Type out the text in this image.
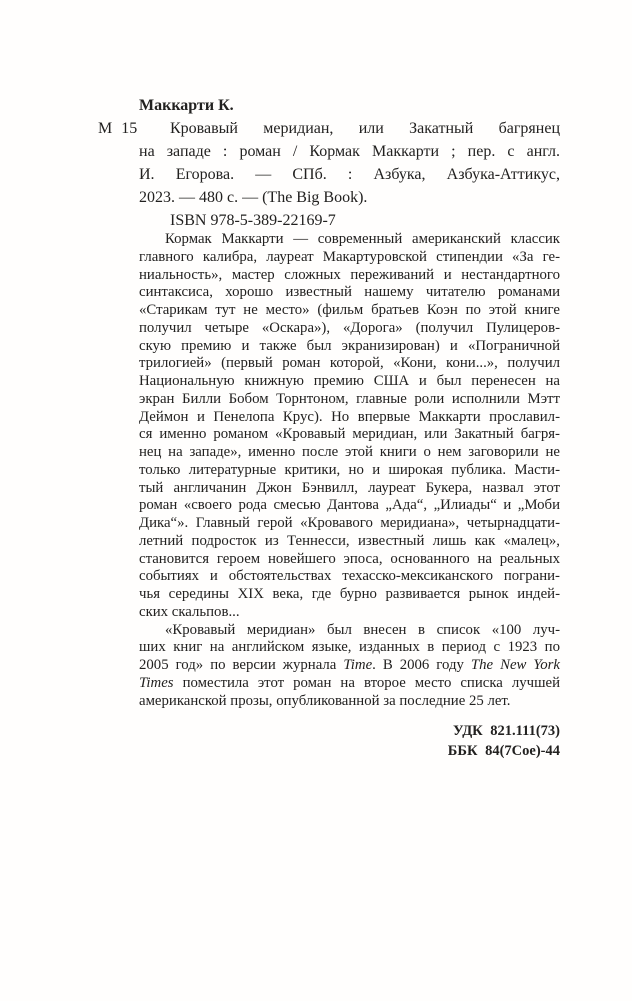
Маккарти К.
М 15	Кровавый меридиан, или Закатный багрянец
на западе : роман / Кормак Маккарти ; пер. с англ.
И. Егорова. — СПб. : Азбука, Азбука-Аттикус,
2023. — 480 с. — (The Big Book).
ISBN 978-5-389-22169-7
Кормак Маккарти — современный американский классик
главного калибра, лауреат Макартуровской стипендии «За ге-
ниальность», мастер сложных переживаний и нестандартного
синтаксиса, хорошо известный нашему читателю романами
«Старикам тут не место» (фильм братьев Коэн по этой книге
получил четыре «Оскара»), «Дорога» (получил Пулицеров-
скую премию и также был экранизирован) и «Пограничной
трилогией» (первый роман которой, «Кони, кони...», получил
Национальную книжную премию США и был перенесен на
экран Билли Бобом Торнтоном, главные роли исполнили Мэтт
Деймон и Пенелопа Крус). Но впервые Маккарти прославил-
ся именно романом «Кровавый меридиан, или Закатный багря-
нец на западе», именно после этой книги о нем заговорили не
только литературные критики, но и широкая публика. Масти-
тый англичанин Джон Бэнвилл, лауреат Букера, назвал этот
роман «своего рода смесью Дантова „Ада“, „Илиады“ и „Моби
Дика“». Главный герой «Кровавого меридиана», четырнадцати-
летний подросток из Теннесси, известный лишь как «малец»,
становится героем новейшего эпоса, основанного на реальных
событиях и обстоятельствах техасско-мексиканского пограни-
чья середины XIX века, где бурно развивается рынок индей-
ских скальпов...
«Кровавый меридиан» был внесен в список «100 луч-
ших книг на английском языке, изданных в период с 1923 по
2005 год» по версии журнала Time. В 2006 году The New York
Times поместила этот роман на второе место списка лучшей
американской прозы, опубликованной за последние 25 лет.
УДК 821.111(73)
ББК 84(7Сое)-44
